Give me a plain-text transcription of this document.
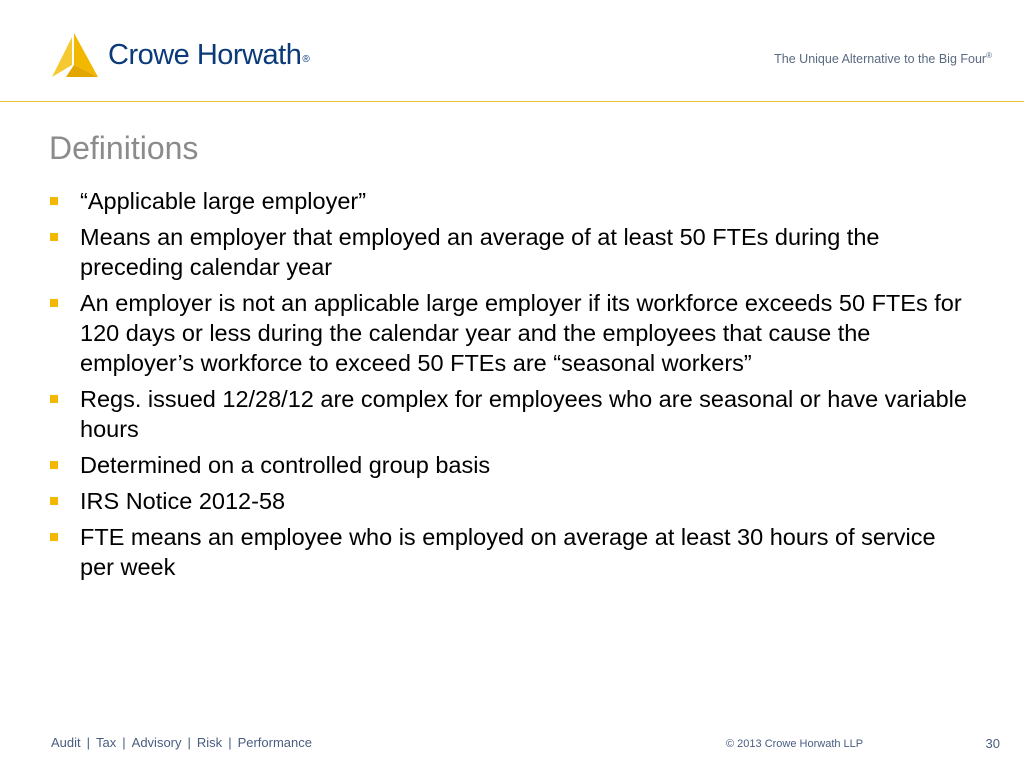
Crowe Horwath®	The Unique Alternative to the Big Four®
Definitions
“Applicable large employer”
Means an employer that employed an average of at least 50 FTEs during the preceding calendar year
An employer is not an applicable large employer if its workforce exceeds 50 FTEs for 120 days or less during the calendar year and the employees that cause the employer’s workforce to exceed 50 FTEs are “seasonal workers”
Regs. issued 12/28/12 are complex for employees who are seasonal or have variable hours
Determined on a controlled group basis
IRS Notice 2012-58
FTE means an employee who is employed on average at least 30 hours of service per week
Audit | Tax | Advisory | Risk | Performance	© 2013 Crowe Horwath LLP	30
